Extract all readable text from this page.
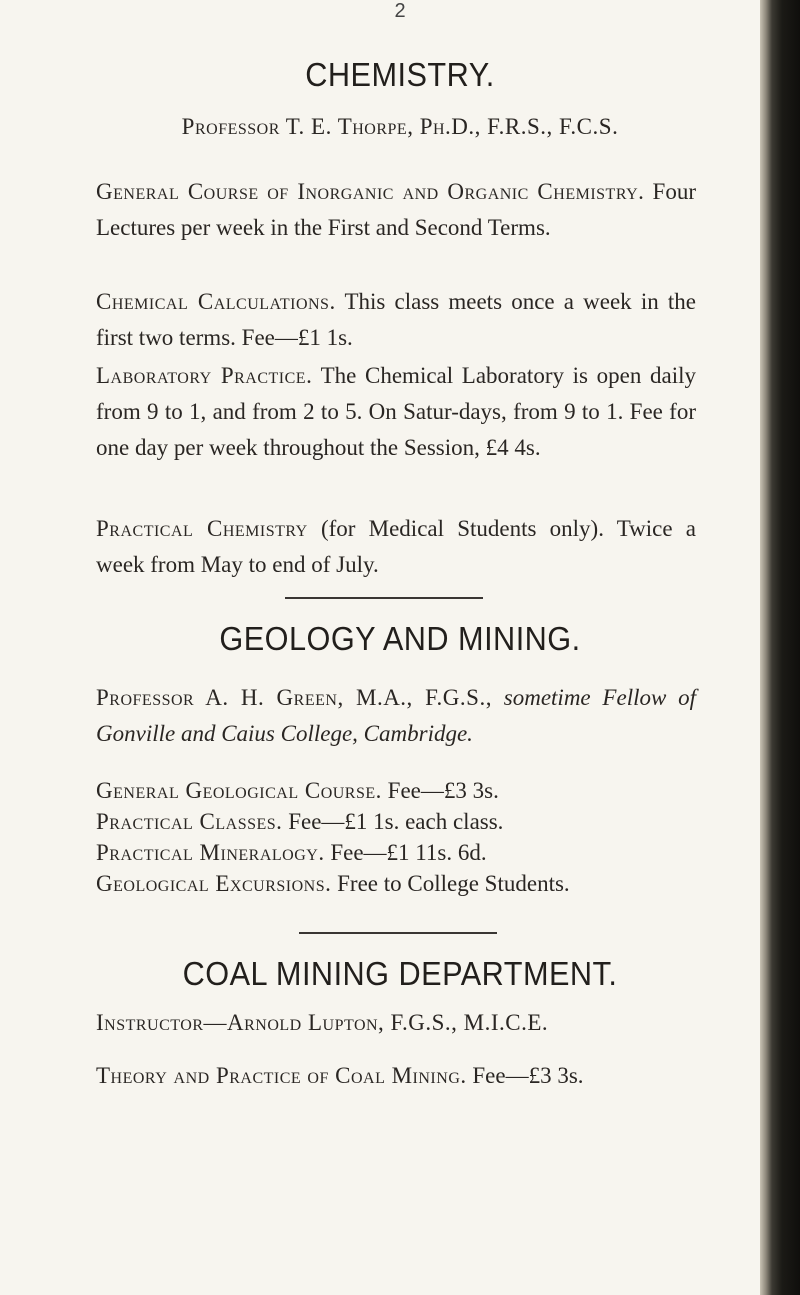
2
CHEMISTRY.
Professor T. E. Thorpe, Ph.D., F.R.S., F.C.S.

General Course of Inorganic and Organic Chemistry. Four Lectures per week in the First and Second Terms.

Chemical Calculations. This class meets once a week in the first two terms. Fee—£1 1s.

Laboratory Practice. The Chemical Laboratory is open daily from 9 to 1, and from 2 to 5. On Satur-days, from 9 to 1. Fee for one day per week throughout the Session, £4 4s.

Practical Chemistry (for Medical Students only). Twice a week from May to end of July.

GEOLOGY AND MINING.

Professor A. H. Green, M.A., F.G.S., sometime Fellow of Gonville and Caius College, Cambridge.

General Geological Course. Fee—£3 3s.
Practical Classes. Fee—£1 1s. each class.
Practical Mineralogy. Fee—£1 11s. 6d.
COAL MINING DEPARTMENT.
Instructor—Arnold Lupton, F.G.S., M.I.C.E.
Theory and Practice of Coal Mining. Fee—£3 3s.
Geological Excursions. Free to College Students.
